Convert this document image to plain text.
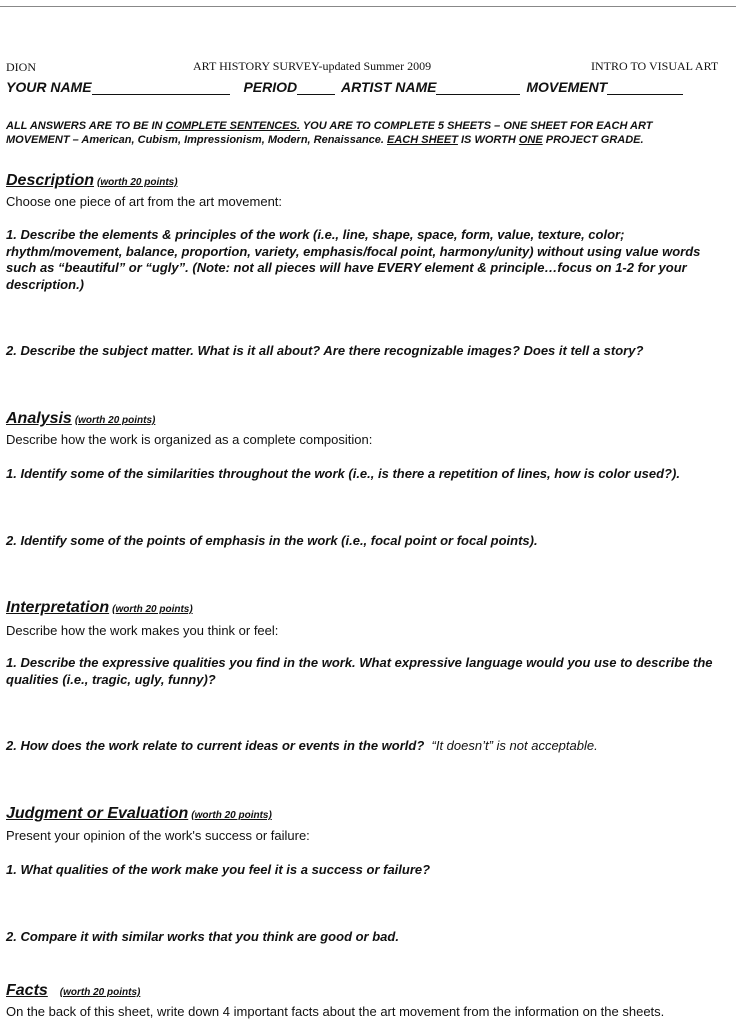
DION	ART HISTORY SURVEY-updated Summer 2009	INTRO TO VISUAL ART
YOUR NAME	PERIOD	ARTIST NAME	MOVEMENT
ALL ANSWERS ARE TO BE IN COMPLETE SENTENCES. YOU ARE TO COMPLETE 5 SHEETS – ONE SHEET FOR EACH ART
MOVEMENT – American, Cubism, Impressionism, Modern, Renaissance. EACH SHEET IS WORTH ONE PROJECT GRADE.
Description (worth 20 points)
Choose one piece of art from the art movement:
1. Describe the elements & principles of the work (i.e., line, shape, space, form, value, texture, color; rhythm/movement, balance, proportion, variety, emphasis/focal point, harmony/unity) without using value words such as “beautiful” or “ugly”. (Note: not all pieces will have EVERY element & principle…focus on 1-2 for your description.)
2. Describe the subject matter. What is it all about? Are there recognizable images? Does it tell a story?
Analysis (worth 20 points)
Describe how the work is organized as a complete composition:
1. Identify some of the similarities throughout the work (i.e., is there a repetition of lines, how is color used?).
2. Identify some of the points of emphasis in the work (i.e., focal point or focal points).
Interpretation (worth 20 points)
Describe how the work makes you think or feel:
1. Describe the expressive qualities you find in the work. What expressive language would you use to describe the qualities (i.e., tragic, ugly, funny)?
2. How does the work relate to current ideas or events in the world? “It doesn’t” is not acceptable.
Judgment or Evaluation (worth 20 points)
Present your opinion of the work's success or failure:
1. What qualities of the work make you feel it is a success or failure?
2. Compare it with similar works that you think are good or bad.
Facts (worth 20 points)
On the back of this sheet, write down 4 important facts about the art movement from the information on the sheets.
